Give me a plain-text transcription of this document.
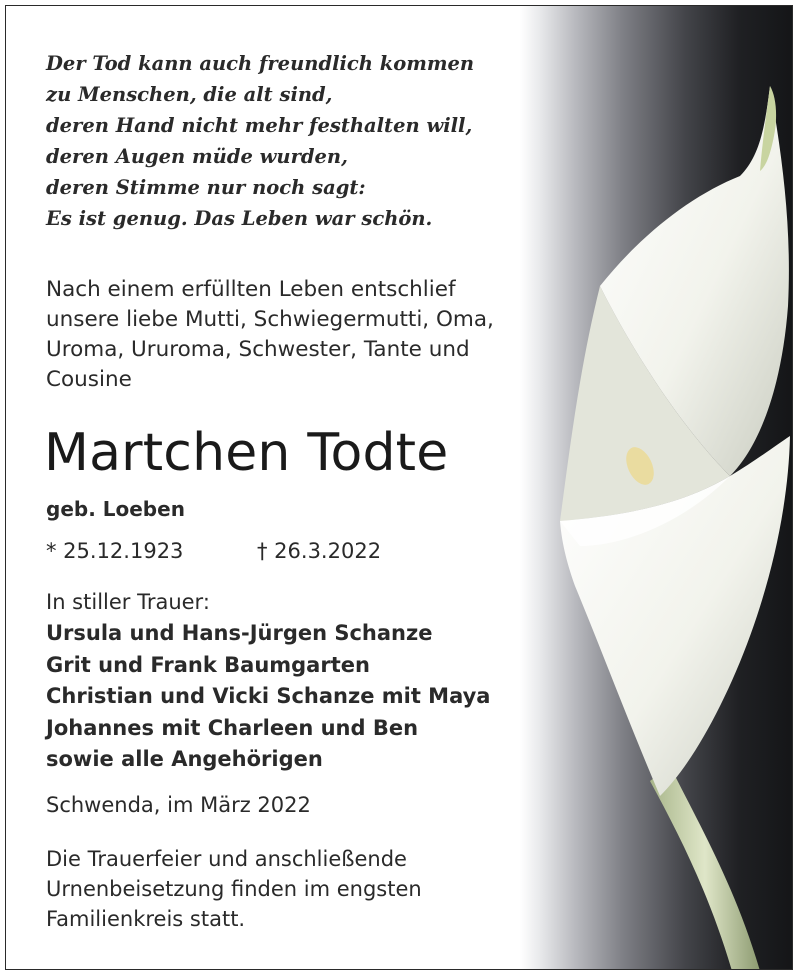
Der Tod kann auch freundlich kommen
zu Menschen, die alt sind,
deren Hand nicht mehr festhalten will,
deren Augen müde wurden,
deren Stimme nur noch sagt:
Es ist genug. Das Leben war schön.
Nach einem erfüllten Leben entschlief
unsere liebe Mutti, Schwiegermutti, Oma,
Uroma, Ururoma, Schwester, Tante und
Cousine
Martchen Todte
geb. Loeben
* 25.12.1923	† 26.3.2022
In stiller Trauer:
Ursula und Hans-Jürgen Schanze
Grit und Frank Baumgarten
Christian und Vicki Schanze mit Maya
Johannes mit Charleen und Ben
sowie alle Angehörigen
Schwenda, im März 2022
Die Trauerfeier und anschließende
Urnenbeisetzung finden im engsten
Familienkreis statt.
